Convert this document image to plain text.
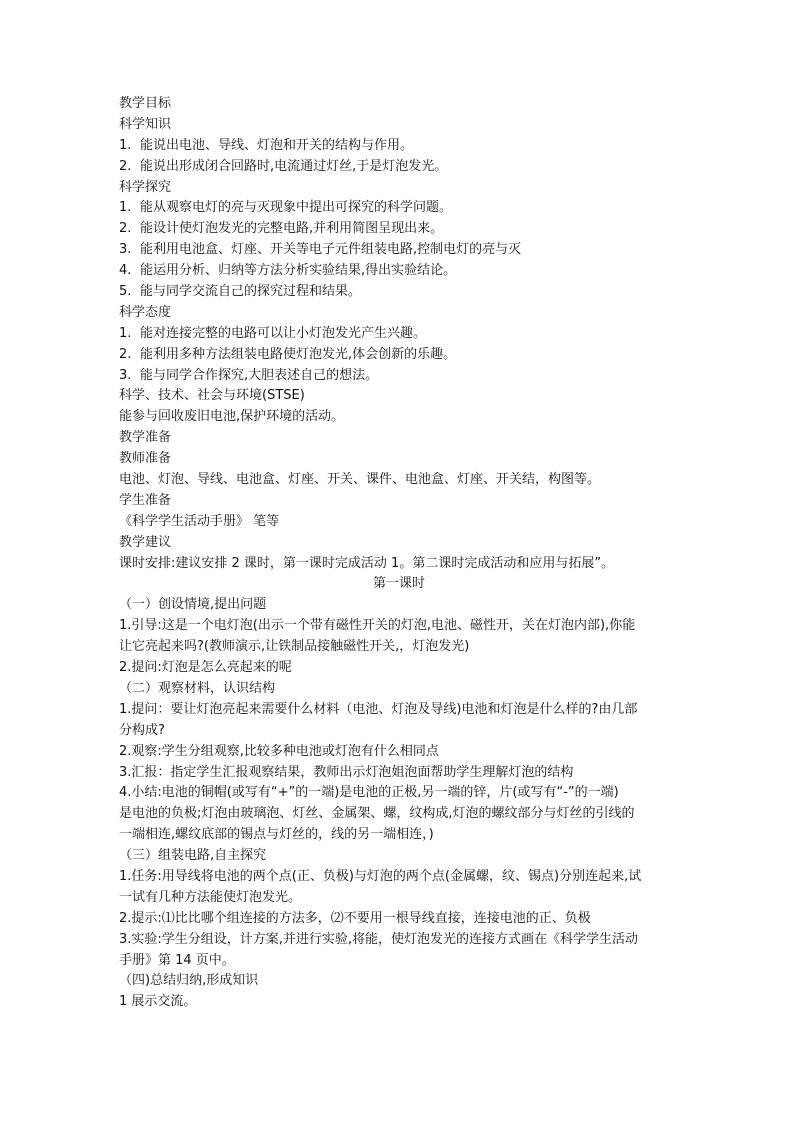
教学目标
科学知识
1. 能说出电池、导线、灯泡和开关的结构与作用。
2. 能说出形成闭合回路时,电流通过灯丝,于是灯泡发光。
科学探究
1. 能从观察电灯的亮与灭现象中提出可探究的科学问题。
2. 能设计使灯泡发光的完整电路,并利用简图呈现出来。
3. 能利用电池盒、灯座、开关等电子元件组装电路,控制电灯的亮与灭
4. 能运用分析、归纳等方法分析实验结果,得出实验结论。
5. 能与同学交流自己的探究过程和结果。
科学态度
1. 能对连接完整的电路可以让小灯泡发光产生兴趣。
2. 能利用多种方法组装电路使灯泡发光,体会创新的乐趣。
3. 能与同学合作探究,大胆表述自己的想法。
科学、技术、社会与环境(STSE)
能参与回收废旧电池,保护环境的活动。
教学准备
教师准备
电池、灯泡、导线、电池盒、灯座、开关、课件、电池盒、灯座、开关结，构图等。
学生准备
《科学学生活动手册》 笔等
教学建议
课时安排:建议安排 2 课时，第一课时完成活动 1。第二课时完成活动和应用与拓展”。
第一课时
（一）创设情境,提出问题
1.引导:这是一个电灯泡(出示一个带有磁性开关的灯泡,电池、磁性开，关在灯泡内部),你能
让它亮起来吗?(教师演示,让铁制品接触磁性开关,，灯泡发光)
2.提问:灯泡是怎么亮起来的呢
（二）观察材料，认识结构
1.提问：要让灯泡亮起来需要什么材料（电池、灯泡及导线)电池和灯泡是什么样的?由几部
分构成?
2.观察:学生分组观察,比较多种电池或灯泡有什么相同点
3.汇报：指定学生汇报观察结果，教师出示灯泡姐泡面帮助学生理解灯泡的结构
4.小结:电池的铜帽(或写有“+”的一端)是电池的正极,另一端的锌，片(或写有“-”的一端)
是电池的负极;灯泡由玻璃泡、灯丝、金属架、螺，纹构成,灯泡的螺纹部分与灯丝的引线的
一端相连,螺纹底部的锡点与灯丝的，线的另一端相连，)
（三）组装电路,自主探究
1.任务:用导线将电池的两个点(正、负极)与灯泡的两个点(金属螺，纹、锡点)分别连起来,试
一试有几种方法能使灯泡发光。
2.提示:⑴比比哪个组连接的方法多，⑵不要用一根导线直接，连接电池的正、负极
3.实验:学生分组设，计方案,并进行实验,将能，使灯泡发光的连接方式画在《科学学生活动
手册》第 14 页中。
（四)总结归纳,形成知识
1 展示交流。
